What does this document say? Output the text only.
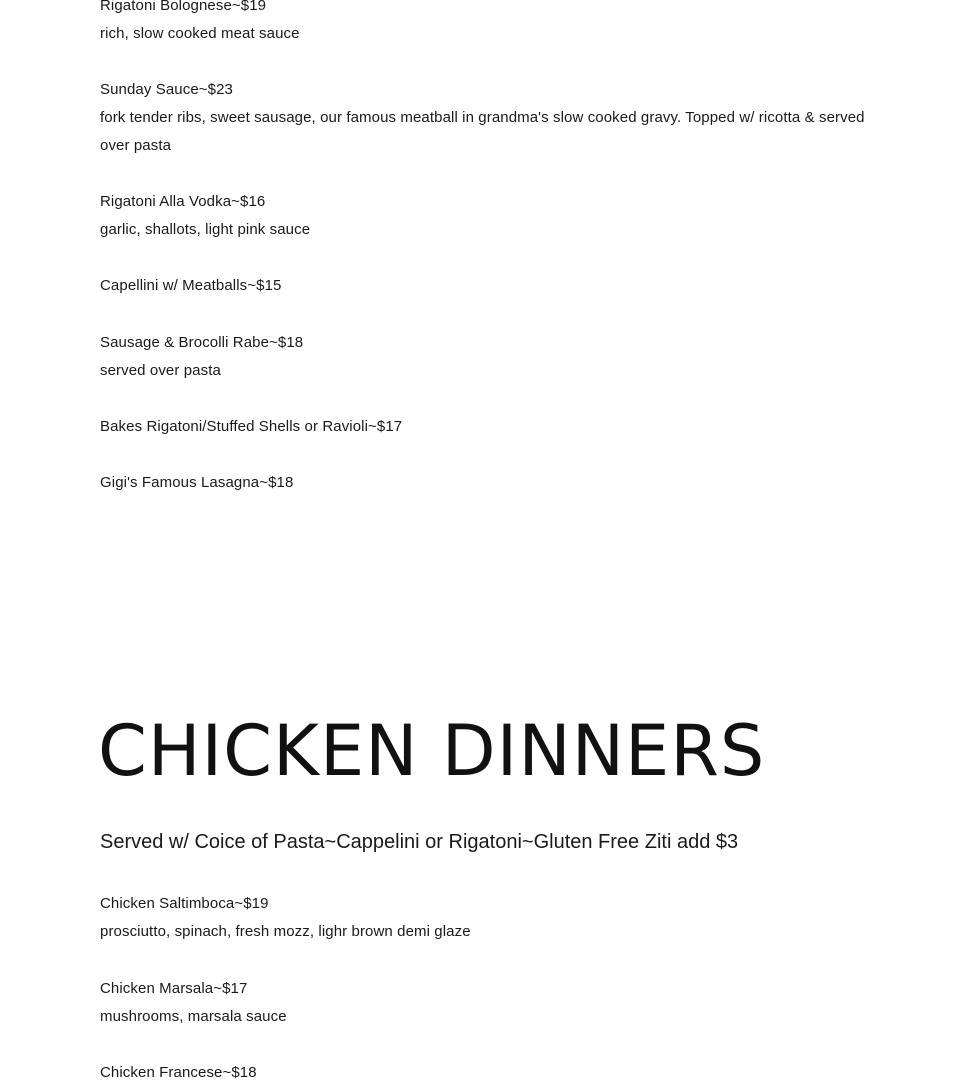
Rigatoni Bolognese~$19
rich, slow cooked meat sauce
Sunday Sauce~$23
fork tender ribs, sweet sausage, our famous meatball in grandma's slow cooked gravy. Topped w/ ricotta & served over pasta
Rigatoni Alla Vodka~$16
garlic, shallots, light pink sauce
Capellini w/ Meatballs~$15
Sausage & Brocolli Rabe~$18
served over pasta
Bakes Rigatoni/Stuffed Shells or Ravioli~$17
Gigi's Famous Lasagna~$18
CHICKEN DINNERS

Served w/ Coice of Pasta~Cappelini or Rigatoni~Gluten Free Ziti add $3

Chicken Saltimboca~$19
prosciutto, spinach, fresh mozz, lighr brown demi glaze
Chicken Marsala~$17
mushrooms, marsala sauce
Chicken Francese~$18
